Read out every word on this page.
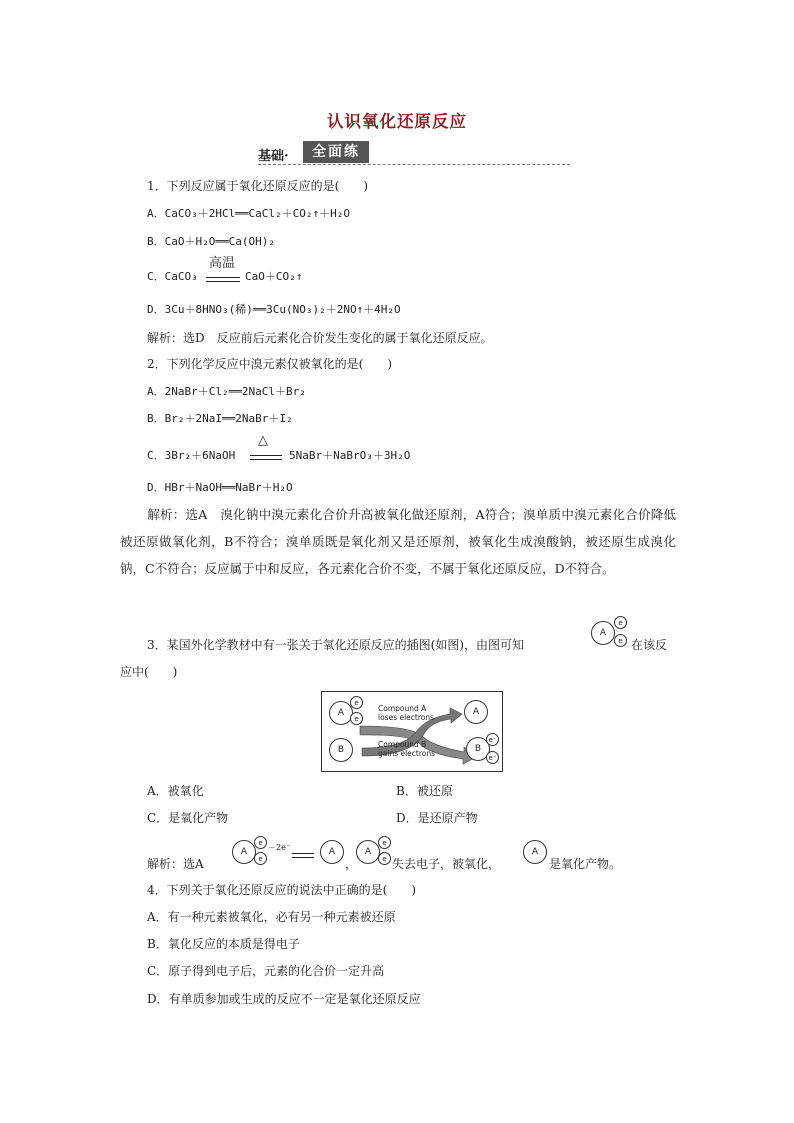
认识氧化还原反应
基础·	全面练
1．下列反应属于氧化还原反应的是(　　)
A．CaCO₃＋2HCl══CaCl₂＋CO₂↑＋H₂O
B．CaO＋H₂O══Ca(OH)₂
C．CaCO₃
高温
CaO＋CO₂↑
D．3Cu＋8HNO₃(稀)══3Cu(NO₃)₂＋2NO↑＋4H₂O
解析：选D　反应前后元素化合价发生变化的属于氧化还原反应。
2．下列化学反应中溴元素仅被氧化的是(　　)
A．2NaBr＋Cl₂══2NaCl＋Br₂
B．Br₂＋2NaI══2NaBr＋I₂
C．3Br₂＋6NaOH
△
5NaBr＋NaBrO₃＋3H₂O
D．HBr＋NaOH══NaBr＋H₂O
解析：选A　溴化钠中溴元素化合价升高被氧化做还原剂，A符合；溴单质中溴元素化合价降低被还原做氧化剂，B不符合；溴单质既是氧化剂又是还原剂，被氧化生成溴酸钠，被还原生成溴化钠，C不符合；反应属于中和反应，各元素化合价不变，不属于氧化还原反应，D不符合。
3．某国外化学教材中有一张关于氧化还原反应的插图(如图)，由图可知
A
e
e 在该反
应中(　　)
A
e
e
A
B	B
e⁻
e⁻
Compound A
loses electrons
Compound B
gains electrons
A．被氧化	B．被还原
C．是氧化产物	D．是还原产物
解析：选A
A
e
e
－2e⁻	A
，
A
e
e 失去电子，被氧化，
A
是氧化产物。
4．下列关于氧化还原反应的说法中正确的是(　　)
A．有一种元素被氧化，必有另一种元素被还原
B．氧化反应的本质是得电子
C．原子得到电子后，元素的化合价一定升高
D．有单质参加或生成的反应不一定是氧化还原反应
